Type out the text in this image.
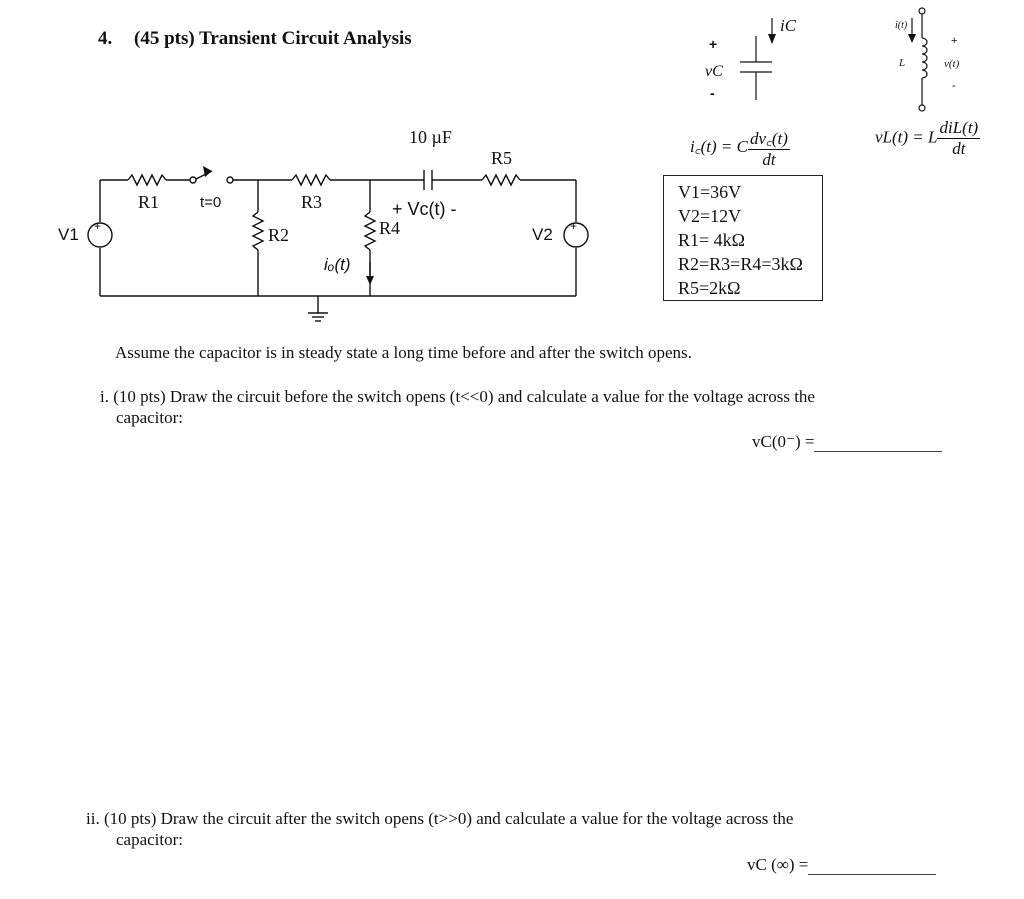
4. (45 pts) Transient Circuit Analysis
10 µF
R5
R1	t=0	R3	+ Vc(t) -
V1 +	R2	R4	V2 +
iₒ(t)
iC
+
vC
-
i꜀(t) = C $\frac{dv꜀(t)}{dt}$
i(t)
L
+
v(t)
-
vL(t) = L $\frac{\text{diL(t)}}{dt}$
V1=36V
V2=12V
R1= 4kΩ
R2=R3=R4=3kΩ
R5=2kΩ
Assume the capacitor is in steady state a long time before and after the switch opens.
i. (10 pts) Draw the circuit before the switch opens (t<<0) and calculate a value for the voltage across the
capacitor:
vC(0⁻) =
ii. (10 pts) Draw the circuit after the switch opens (t>>0) and calculate a value for the voltage across the
capacitor:
vC (∞) =
